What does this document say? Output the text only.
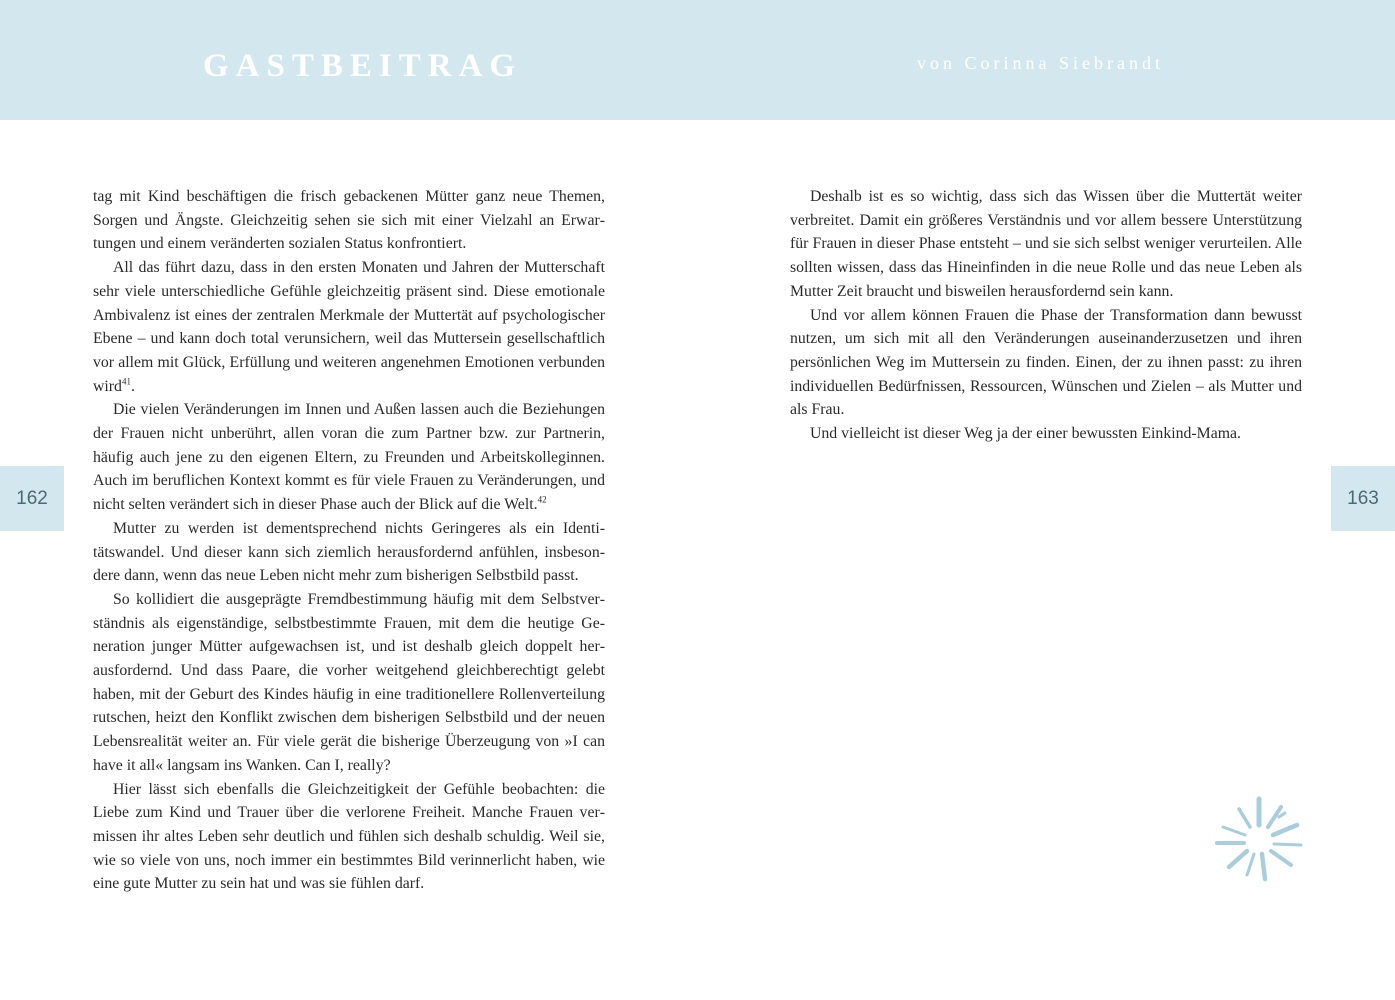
GASTBEITRAG	von Corinna Siebrandt
162	163

tag mit Kind beschäftigen die frisch gebackenen Mütter ganz neue Themen, Sorgen und Ängste. Gleichzeitig sehen sie sich mit einer Vielzahl an Erwartungen und einem veränderten sozialen Status konfrontiert.

All das führt dazu, dass in den ersten Monaten und Jahren der Mutterschaft sehr viele unterschiedliche Gefühle gleichzeitig präsent sind. Diese emotionale Ambivalenz ist eines der zentralen Merkmale der Muttertät auf psychologischer Ebene – und kann doch total verunsichern, weil das Muttersein gesellschaftlich vor allem mit Glück, Erfüllung und weiteren angenehmen Emotionen verbunden wird$^{41}$.

Die vielen Veränderungen im Innen und Außen lassen auch die Beziehungen der Frauen nicht unberührt, allen voran die zum Partner bzw. zur Partnerin, häufig auch jene zu den eigenen Eltern, zu Freunden und Arbeitskolleginnen. Auch im beruflichen Kontext kommt es für viele Frauen zu Veränderungen, und nicht selten verändert sich in dieser Phase auch der Blick auf die Welt.$^{42}$

Mutter zu werden ist dementsprechend nichts Geringeres als ein Identitätswandel. Und dieser kann sich ziemlich herausfordernd anfühlen, insbesondere dann, wenn das neue Leben nicht mehr zum bisherigen Selbstbild passt.

So kollidiert die ausgeprägte Fremdbestimmung häufig mit dem Selbstverständnis als eigenständige, selbstbestimmte Frauen, mit dem die heutige Generation junger Mütter aufgewachsen ist, und ist deshalb gleich doppelt herausfordernd. Und dass Paare, die vorher weitgehend gleichberechtigt gelebt haben, mit der Geburt des Kindes häufig in eine traditionellere Rollenverteilung rutschen, heizt den Konflikt zwischen dem bisherigen Selbstbild und der neuen Lebensrealität weiter an. Für viele gerät die bisherige Überzeugung von »I can have it all« langsam ins Wanken. Can I, really?

Hier lässt sich ebenfalls die Gleichzeitigkeit der Gefühle beobachten: die Liebe zum Kind und Trauer über die verlorene Freiheit. Manche Frauen vermissen ihr altes Leben sehr deutlich und fühlen sich deshalb schuldig. Weil sie, wie so viele von uns, noch immer ein bestimmtes Bild verinnerlicht haben, wie eine gute Mutter zu sein hat und was sie fühlen darf.

Deshalb ist es so wichtig, dass sich das Wissen über die Muttertät weiter verbreitet. Damit ein größeres Verständnis und vor allem bessere Unterstützung für Frauen in dieser Phase entsteht – und sie sich selbst weniger verurteilen. Alle sollten wissen, dass das Hineinfinden in die neue Rolle und das neue Leben als Mutter Zeit braucht und bisweilen herausfordernd sein kann.

Und vor allem können Frauen die Phase der Transformation dann bewusst nutzen, um sich mit all den Veränderungen auseinanderzusetzen und ihren persönlichen Weg im Muttersein zu finden. Einen, der zu ihnen passt: zu ihren individuellen Bedürfnissen, Ressourcen, Wünschen und Zielen – als Mutter und als Frau.

Und vielleicht ist dieser Weg ja der einer bewussten Einkind-Mama.
